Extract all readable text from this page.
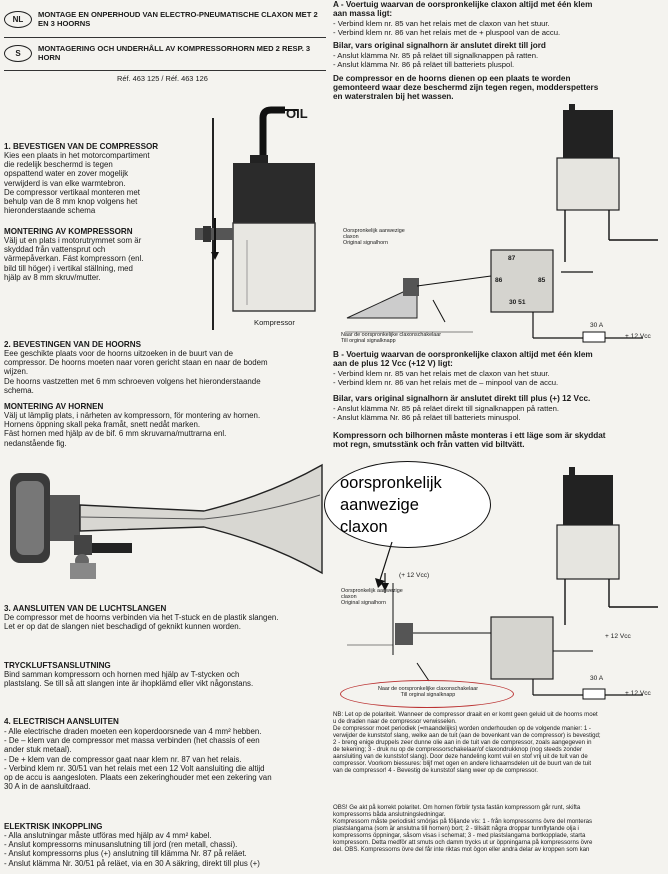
NL	MONTAGE EN ONPERHOUD VAN ELECTRO-PNEUMATISCHE CLAXON MET 2 EN 3 HOORNS
S	MONTAGERING OCH UNDERHÅLL AV KOMPRESSORHORN MED 2 RESP. 3 HORN
Réf. 463 125 / Réf. 463 126
1. BEVESTIGEN VAN DE COMPRESSOR
Kies een plaats in het motorcompartiment
die redelijk beschermd is tegen
opspattend water en zover mogelijk
verwijderd is van elke warmtebron.
De compressor vertikaal monteren met
behulp van de 8 mm knop volgens het
hieronderstaande schema
MONTERING AV KOMPRESSORN
Välj ut en plats i motorutrymmet som är
skyddad från vattensprut och
värmepåverkan. Fäst kompressorn (enl.
bild till höger) i vertikal ställning, med
hjälp av 8 mm skruv/mutter.
OIL
Kompressor
2. BEVESTINGEN VAN DE HOORNS
Eee geschikte plaats voor de hoorns uitzoeken in de buurt van de
compressor. De hoorns moeten naar voren gericht staan en naar de bodem
wijzen.
De hoorns vastzetten met 6 mm schroeven volgens het hieronderstaande
schema.
MONTERING AV HORNEN
Välj ut lämplig plats, i närheten av kompressorn, för montering av hornen.
Hornens öppning skall peka framåt, snett nedåt marken.
Fäst hornen med hjälp av de bif. 6 mm skruvarna/muttrarna enl.
nedanstående fig.
3. AANSLUITEN VAN DE LUCHTSLANGEN
De compressor met de hoorns verbinden via het T-stuck en de plastik slangen.
Let er op dat de slangen niet beschadigd of geknikt kunnen worden.
TRYCKLUFTSANSLUTNING
Bind samman kompressorn och hornen med hjälp av T-stycken och
plastslang. Se till så att slangen inte är ihopklämd eller vikt någonstans.
4. ELECTRISCH AANSLUITEN
- Alle electrische draden moeten een koperdoorsnede van 4 mm² hebben.
- De – klem van de compressor met massa verbinden (het chassis of een
ander stuk metaal).
- De + klem van de compressor gaat naar klem nr. 87 van het relais.
- Verbind klem nr. 30/51 van het relais met een 12 Volt aansluiting die altijd
op de accu is aangesloten. Plaats een zekeringhouder met een zekering van
30 A in de aansluitdraad.
ELEKTRISK INKOPPLING
- Alla anslutningar måste utföras med hjälp av 4 mm² kabel.
- Anslut kompressorns minusanslutning till jord (ren metall, chassi).
- Anslut kompressorns plus (+) anslutning till klämma Nr. 87 på reläet.
- Anslut klämma Nr. 30/51 på reläet, via en 30 A säkring, direkt till plus (+)
A - Voertuig waarvan de oorspronkelijke claxon altijd met één klem
aan massa ligt:
- Verbind klem nr. 85 van het relais met de claxon van het stuur.
- Verbind klem nr. 86 van het relais met de + pluspool van de accu.
Bilar, vars original signalhorn är anslutet direkt till jord
- Anslut klämma Nr. 85 på reläet till signalknappen på ratten.
- Anslut klämma Nr. 86 på reläet till batteriets pluspol.
De compressor en de hoorns dienen op een plaats te worden
gemonteerd waar deze beschermd zijn tegen regen, modderspetters
en waterstralen bij het wassen.
Oorspronkelijk aanwezige
claxon
Original signalhorn
Naar de oorspronkelijke claxonschakelaar
Till orginal signalknapp
87
86	85
30 51
30 A
+ 12 Vcc
B - Voertuig waarvan de oorspronkelijke claxon altijd met één klem
aan de plus 12 Vcc (+12 V) ligt:
- Verbind klem nr. 85 van het relais met de claxon van het stuur.
- Verbind klem nr. 86 van het relais met de – minpool van de accu.
Bilar, vars original signalhorn är anslutet direkt till plus (+) 12 Vcc.
- Anslut klämma Nr. 85 på reläet direkt till signalknappen på ratten.
- Anslut klämma Nr. 86 på reläet till batteriets minuspol.
Kompressorn och bilhornen måste monteras i ett läge som är skyddat
mot regn, smutsstänk och från vatten vid biltvätt.
(+ 12 Vcc)
Oorspronkelijk aanwezige
claxon
Original signalhorn
+ 12 Vcc
30 A
+ 12 Vcc
Naar de oorspronkelijke claxonschakelaar
Till orginal signalknapp
NB: Let op de polariteit. Wanneer de compressor draait en er komt geen geluid uit de hoorns moet
u de draden naar de compressor verwisselen.
De compressor moet periodiek (=maandelijks) worden onderhouden op de volgende manier: 1 -
verwijder de kunststof slang, welke aan de tuit (aan de bovenkant van de compressor) is bevestigd;
2 - breng enige druppels zeer dunne olie aan in de tuit van de compressor, zoals aangegeven in
de tekening; 3 - druk nu op de compressorschakelaar/of claxondrukknop (nog steeds zonder
aansluiting van de kunststof slang). Door deze handeling komt vuil en stof vrij uit de tuit van de
compressor. Voorkom biessures: blijf met ogen en andere lichaamsdelen uit de buurt van de tuit
van de compressor! 4 - Bevestig de kunststof slang weer op de compressor.
OBS! Ge akt på korrekt polaritet. Om hornen förblir tysta fastän kompressorn går runt, skifta
kompressorns båda anslutningsledningar.
Kompressorn måste periodiskt smörjas på följande vis: 1 - från kompressorns övre del monteras
plastslangarna (som är anslutna till hornen) bort; 2 - tillsätt några droppar tunnflytande olja i
kompressorns öppningar, såsom visas i schemat; 3 - med plastslangarna bortkopplade, starta
kompressorn. Detta medför att smuts och damm trycks ut ur öppningarna på kompressorns övre
del. OBS. Kompressorns övre del får inte riktas mot ögon eller andra delar av kroppen som kan
oorspronkelijk
aanwezige
claxon
